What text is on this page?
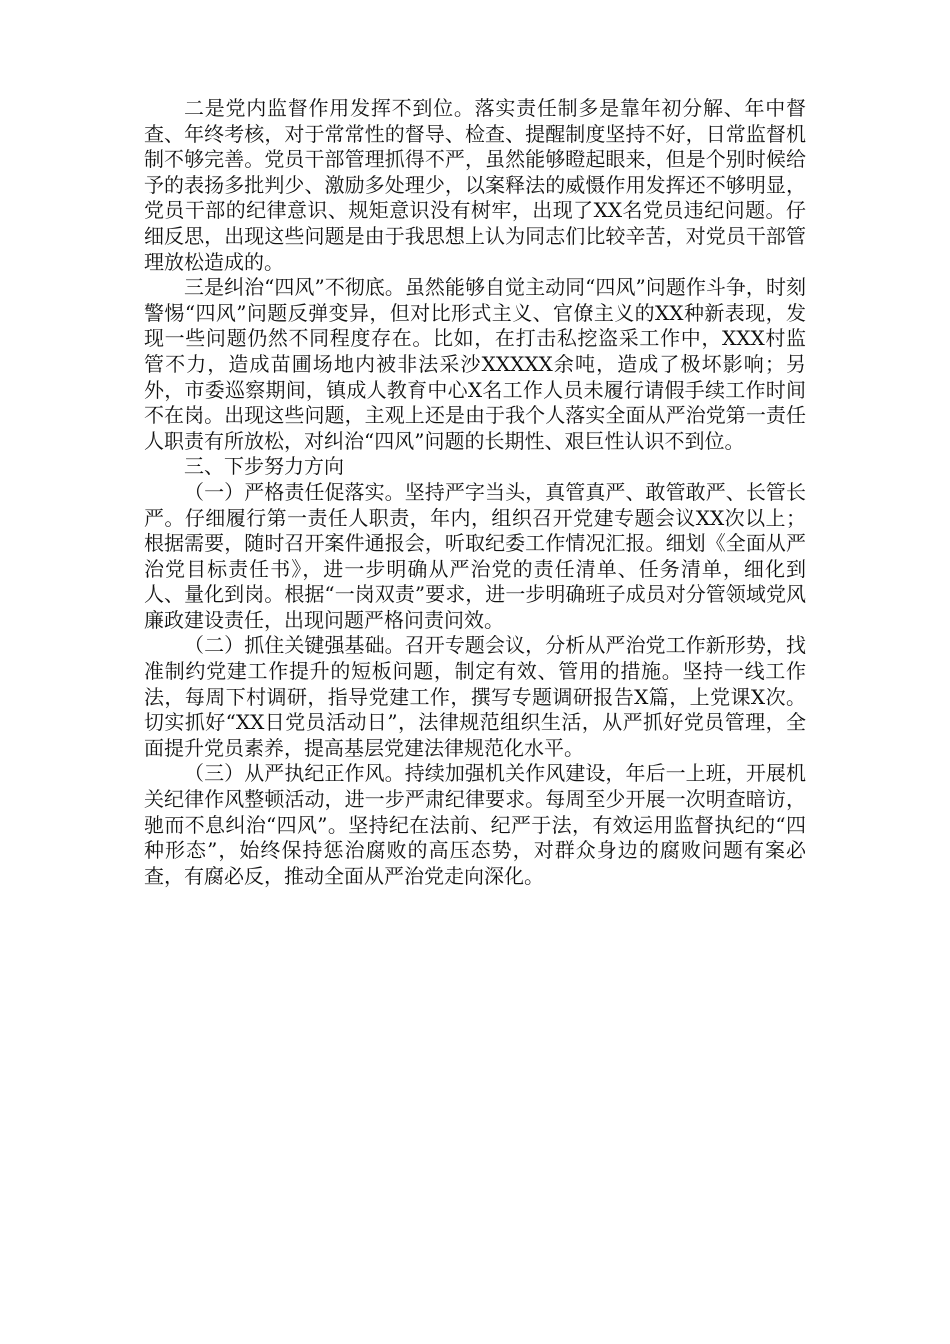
二是党内监督作用发挥不到位。落实责任制多是靠年初分解、年中督查、年终考核，对于常常性的督导、检查、提醒制度坚持不好，日常监督机制不够完善。党员干部管理抓得不严，虽然能够瞪起眼来，但是个别时候给予的表扬多批判少、激励多处理少，以案释法的威慑作用发挥还不够明显，党员干部的纪律意识、规矩意识没有树牢，出现了XX名党员违纪问题。仔细反思，出现这些问题是由于我思想上认为同志们比较辛苦，对党员干部管理放松造成的。

三是纠治“四风”不彻底。虽然能够自觉主动同“四风”问题作斗争，时刻警惕“四风”问题反弹变异，但对比形式主义、官僚主义的XX种新表现，发现一些问题仍然不同程度存在。比如，在打击私挖盗采工作中，XXX村监管不力，造成苗圃场地内被非法采沙XXXXX余吨，造成了极坏影响；另外，市委巡察期间，镇成人教育中心X名工作人员未履行请假手续工作时间不在岗。出现这些问题，主观上还是由于我个人落实全面从严治党第一责任人职责有所放松，对纠治“四风”问题的长期性、艰巨性认识不到位。

三、下步努力方向

（一）严格责任促落实。坚持严字当头，真管真严、敢管敢严、长管长严。仔细履行第一责任人职责，年内，组织召开党建专题会议XX次以上；根据需要，随时召开案件通报会，听取纪委工作情况汇报。细划《全面从严治党目标责任书》，进一步明确从严治党的责任清单、任务清单，细化到人、量化到岗。根据“一岗双责”要求，进一步明确班子成员对分管领域党风廉政建设责任，出现问题严格问责问效。

（二）抓住关键强基础。召开专题会议，分析从严治党工作新形势，找准制约党建工作提升的短板问题，制定有效、管用的措施。坚持一线工作法，每周下村调研，指导党建工作，撰写专题调研报告X篇，上党课X次。切实抓好“XX日党员活动日”，法律规范组织生活，从严抓好党员管理，全面提升党员素养，提高基层党建法律规范化水平。

（三）从严执纪正作风。持续加强机关作风建设，年后一上班，开展机关纪律作风整顿活动，进一步严肃纪律要求。每周至少开展一次明查暗访，驰而不息纠治“四风”。坚持纪在法前、纪严于法，有效运用监督执纪的“四种形态”，始终保持惩治腐败的高压态势，对群众身边的腐败问题有案必查，有腐必反，推动全面从严治党走向深化。
